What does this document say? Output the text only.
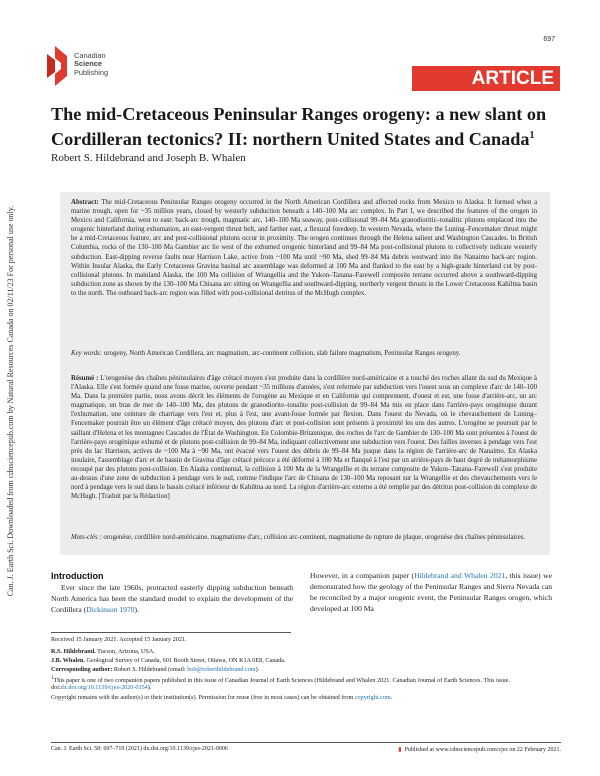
697
Canadian
Science
Publishing	ARTICLE
The mid-Cretaceous Peninsular Ranges orogeny: a new slant on Cordilleran tectonics? II: northern United States and Canada$^1$
Robert S. Hildebrand and Joseph B. Whalen
Can. J. Earth Sci. Downloaded from cdnsciencepub.com by Natural Resources Canada on 02/11/23 For personal use only.

Abstract: The mid-Cretaceous Peninsular Ranges orogeny occurred in the North American Cordillera and affected rocks from Mexico to Alaska. It formed when a marine trough, open for ~35 million years, closed by westerly subduction beneath a 140–100 Ma arc complex. In Part I, we described the features of the orogen in Mexico and California, west to east: back-arc trough, magmatic arc, 140–100 Ma seaway, post-collisional 99–84 Ma granodioritic–tonalitic plutons emplaced into the orogenic hinterland during exhumation, an east-vergent thrust belt, and farther east, a flexural foredeep. In western Nevada, where the Luning–Fencemaker thrust might be a mid-Cretaceous feature, arc and post-collisional plutons occur in proximity. The orogen continues through the Helena salient and Washington Cascades. In British Columbia, rocks of the 130–100 Ma Gambier arc lie west of the exhumed orogenic hinterland and 99–84 Ma post-collisional plutons to collectively indicate westerly subduction. East-dipping reverse faults near Harrison Lake, active from ~100 Ma until ~90 Ma, shed 99–84 Ma debris westward into the Nanaimo back-arc region. Within Insular Alaska, the Early Cretaceous Gravina basinal arc assemblage was deformed at 100 Ma and flanked to the east by a high-grade hinterland cut by post-collisional plutons. In mainland Alaska, the 100 Ma collision of Wrangellia and the Yukon–Tanana–Farewell composite terrane occurred above a southward-dipping subduction zone as shown by the 130–100 Ma Chisana arc sitting on Wrangellia and southward-dipping, northerly vergent thrusts in the Lower Cretaceous Kahiltna basin to the north. The outboard back-arc region was filled with post-collisional detritus of the McHugh complex.

Key words: orogeny, North American Cordillera, arc magmatism, arc-continent collision, slab failure magmatism, Peninsular Ranges orogeny.

Résumé : L'orogenèse des chaînes péninsulaires d'âge crétacé moyen s'est produite dans la cordillère nord-américaine et a touché des roches allant du sud du Mexique à l'Alaska. Elle s'est formée quand une fosse marine, ouverte pendant ~35 millions d'années, s'est refermée par subduction vers l'ouest sous un complexe d'arc de 140–100 Ma. Dans la première partie, nous avons décrit les éléments de l'orogène au Mexique et en Californie qui comprennent, d'ouest et est, une fosse d'arrière-arc, un arc magmatique, un bras de mer de 140–100 Ma, des plutons de granodiorite–tonalite post-collision de 99–84 Ma mis en place dans l'arrière-pays orogénique durant l'exhumation, une ceinture de charriage vers l'est et, plus à l'est, une avant-fosse formée par flexion. Dans l'ouest du Nevada, où le chevauchement de Luning–Fencemaker pourrait être un élément d'âge crétacé moyen, des plutons d'arc et post-collision sont présents à proximité les uns des autres. L'orogène se poursuit par le saillant d'Helena et les montagnes Cascades de l'État de Washington. En Colombie-Britannique, des roches de l'arc de Gambier de 130–100 Ma sont présentes à l'ouest de l'arrière-pays orogénique exhumé et de plutons post-collision de 99–84 Ma, indiquant collectivement une subduction vers l'ouest. Des failles inverses à pendage vers l'est près du lac Harrison, actives de ~100 Ma à ~90 Ma, ont évacué vers l'ouest des débris de 99–84 Ma jusque dans la région de l'arrière-arc de Nanaimo. En Alaska insulaire, l'assemblage d'arc et de bassin de Gravina d'âge crétacé précoce a été déformé à 100 Ma et flanqué à l'est par un arrière-pays de haut degré de métamorphisme recoupé par des plutons post-collision. En Alaska continental, la collision à 100 Ma de la Wrangellie et du terrane composite de Yukon–Tanana–Farewell s'est produite au-dessus d'une zone de subduction à pendage vers le sud, comme l'indique l'arc de Chisana de 130–100 Ma reposant sur la Wrangellie et des chevauchements vers le nord à pendage vers le sud dans le bassin crétacé inférieur de Kahiltna au nord. La région d'arrière-arc externe a été remplie par des détritus post-collision du complexe de McHugh. [Traduit par la Rédaction]

Mots-clés : orogenèse, cordillère nord-américaine, magmatisme d'arc, collision arc-continent, magmatisme de rupture de plaque, orogenèse des chaînes péninsulaires.

Introduction

Ever since the late 1960s, protracted easterly dipping subduction beneath North America has been the standard model to explain the development of the Cordillera (Dickinson 1970).

However, in a companion paper (Hildebrand and Whalen 2021, this issue) we demonstrated how the geology of the Peninsular Ranges and Sierra Nevada can be reconciled by a major orogenic event, the Peninsular Ranges orogen, which developed at 100 Ma

Received 15 January 2021. Accepted 15 January 2021.

R.S. Hildebrand. Tucson, Arizona, USA.

J.B. Whalen. Geological Survey of Canada, 601 Booth Street, Ottawa, ON K1A 0E8, Canada.

Corresponding author: Robert S. Hildebrand (email: bob@roberthildebrand.com).

$^1$This paper is one of two companion papers published in this issue of Canadian Journal of Earth Sciences (Hildebrand and Whalen 2021. Canadian Journal of Earth Sciences. This issue. doi:dx.doi.org/10.1139/cjes-2020-0154).

Copyright remains with the author(s) or their institution(s). Permission for reuse (free in most cases) can be obtained from copyright.com.

Can. J. Earth Sci. 58: 697–719 (2021) dx.doi.org/10.1139/cjes-2021-0006	▮ Published at www.cdnsciencepub.com/cjes on 22 February 2021.
